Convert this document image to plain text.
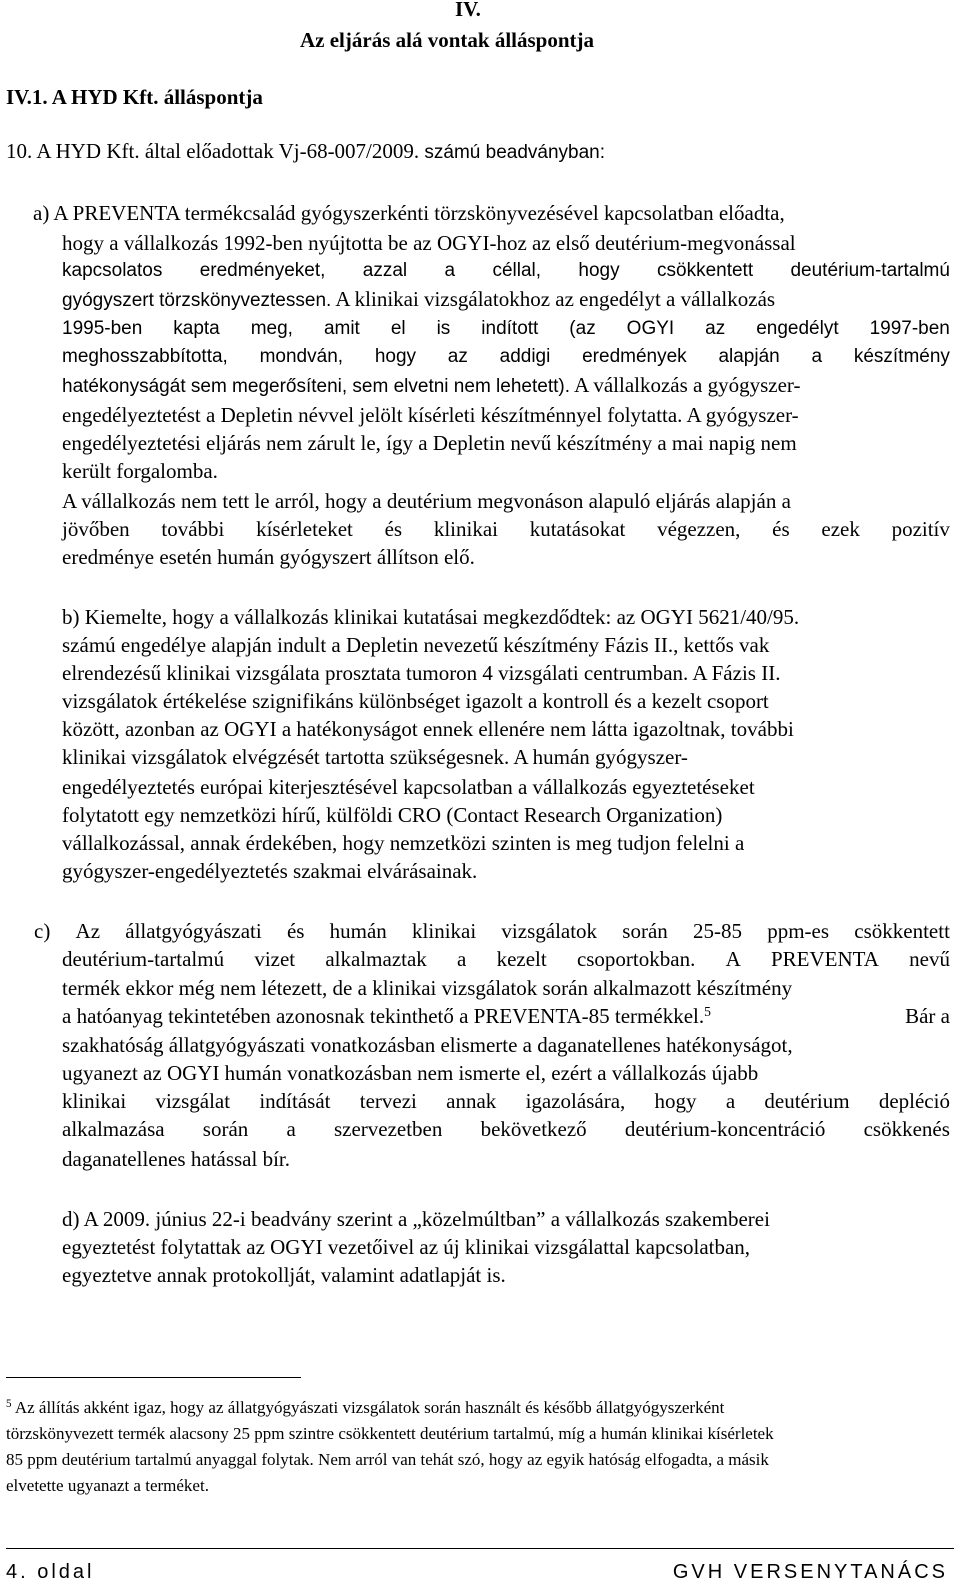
IV.
Az eljárás alá vontak álláspontja
IV.1. A HYD Kft. álláspontja
10. A HYD Kft. által előadottak Vj-68-007/2009. számú beadványban:
a) A PREVENTA termékcsalád gyógyszerkénti törzskönyvezésével kapcsolatban előadta,
hogy a vállalkozás 1992-ben nyújtotta be az OGYI-hoz az első deutérium-megvonással
kapcsolatos eredményeket, azzal a céllal, hogy csökkentett deutérium-tartalmú
gyógyszert törzskönyveztessen. A klinikai vizsgálatokhoz az engedélyt a vállalkozás
1995-ben kapta meg, amit el is indított (az OGYI az engedélyt 1997-ben
meghosszabbította, mondván, hogy az addigi eredmények alapján a készítmény
hatékonyságát sem megerősíteni, sem elvetni nem lehetett). A vállalkozás a gyógyszer-
engedélyeztetést a Depletin névvel jelölt kísérleti készítménnyel folytatta. A gyógyszer-
engedélyeztetési eljárás nem zárult le, így a Depletin nevű készítmény a mai napig nem
került forgalomba.
A vállalkozás nem tett le arról, hogy a deutérium megvonáson alapuló eljárás alapján a
jövőben további kísérleteket és klinikai kutatásokat végezzen, és ezek pozitív
eredménye esetén humán gyógyszert állítson elő.
b) Kiemelte, hogy a vállalkozás klinikai kutatásai megkezdődtek: az OGYI 5621/40/95.
számú engedélye alapján indult a Depletin nevezetű készítmény Fázis II., kettős vak
elrendezésű klinikai vizsgálata prosztata tumoron 4 vizsgálati centrumban. A Fázis II.
vizsgálatok értékelése szignifikáns különbséget igazolt a kontroll és a kezelt csoport
között, azonban az OGYI a hatékonyságot ennek ellenére nem látta igazoltnak, további
klinikai vizsgálatok elvégzését tartotta szükségesnek. A humán gyógyszer-
engedélyeztetés európai kiterjesztésével kapcsolatban a vállalkozás egyeztetéseket
folytatott egy nemzetközi hírű, külföldi CRO (Contact Research Organization)
vállalkozással, annak érdekében, hogy nemzetközi szinten is meg tudjon felelni a
gyógyszer-engedélyeztetés szakmai elvárásainak.
c) Az állatgyógyászati és humán klinikai vizsgálatok során 25-85 ppm-es csökkentett
deutérium-tartalmú vizet alkalmaztak a kezelt csoportokban. A PREVENTA nevű
termék ekkor még nem létezett, de a klinikai vizsgálatok során alkalmazott készítmény
a hatóanyag tekintetében azonosnak tekinthető a PREVENTA-85 termékkel.$^5$	Bár a
szakhatóság állatgyógyászati vonatkozásban elismerte a daganatellenes hatékonyságot,
ugyanezt az OGYI humán vonatkozásban nem ismerte el, ezért a vállalkozás újabb
klinikai vizsgálat indítását tervezi annak igazolására, hogy a deutérium depléció
alkalmazása során a szervezetben bekövetkező deutérium-koncentráció csökkenés
daganatellenes hatással bír.
d) A 2009. június 22-i beadvány szerint a „közelmúltban” a vállalkozás szakemberei
egyeztetést folytattak az OGYI vezetőivel az új klinikai vizsgálattal kapcsolatban,
egyeztetve annak protokollját, valamint adatlapját is.
$^5$ Az állítás akként igaz, hogy az állatgyógyászati vizsgálatok során használt és később állatgyógyszerként
törzskönyvezett termék alacsony 25 ppm szintre csökkentett deutérium tartalmú, míg a humán klinikai kísérletek
85 ppm deutérium tartalmú anyaggal folytak. Nem arról van tehát szó, hogy az egyik hatóság elfogadta, a másik
elvetette ugyanazt a terméket.
4. oldal	GVH VERSENYTANÁCS
